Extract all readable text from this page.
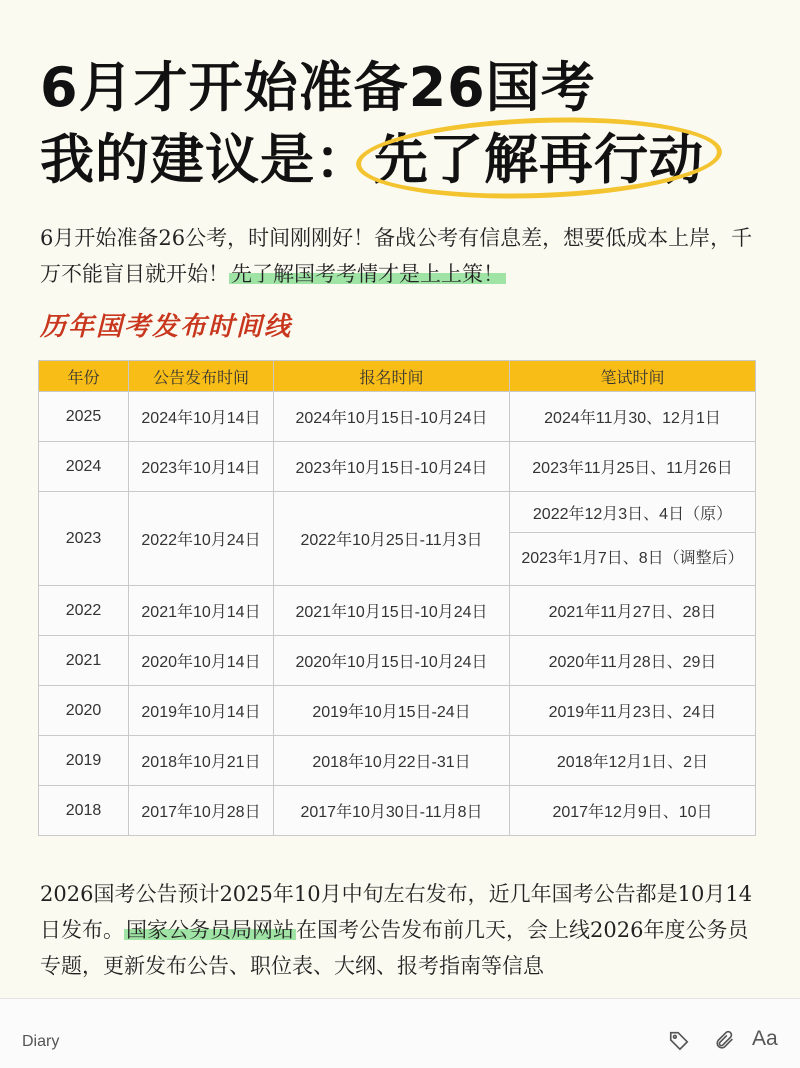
6月才开始准备26国考
我的建议是：先了解再行动
6月开始准备26公考，时间刚刚好！备战公考有信息差，想要低成本上岸，千万不能盲目就开始！先了解国考考情才是上上策！
历年国考发布时间线
年份	公告发布时间	报名时间	笔试时间
2025	2024年10月14日	2024年10月15日-10月24日	2024年11月30、12月1日
2024	2023年10月14日	2023年10月15日-10月24日	2023年11月25日、11月26日
2023	2022年10月24日	2022年10月25日-11月3日	2022年12月3日、4日（原）
			2023年1月7日、8日（调整后）
2022	2021年10月14日	2021年10月15日-10月24日	2021年11月27日、28日
2021	2020年10月14日	2020年10月15日-10月24日	2020年11月28日、29日
2020	2019年10月14日	2019年10月15日-24日	2019年11月23日、24日
2019	2018年10月21日	2018年10月22日-31日	2018年12月1日、2日
2018	2017年10月28日	2017年10月30日-11月8日	2017年12月9日、10日
2026国考公告预计2025年10月中旬左右发布，近几年国考公告都是10月14日发布。国家公务员局网站在国考公告发布前几天，会上线2026年度公务员专题，更新发布公告、职位表、大纲、报考指南等信息
Diary	Aa
